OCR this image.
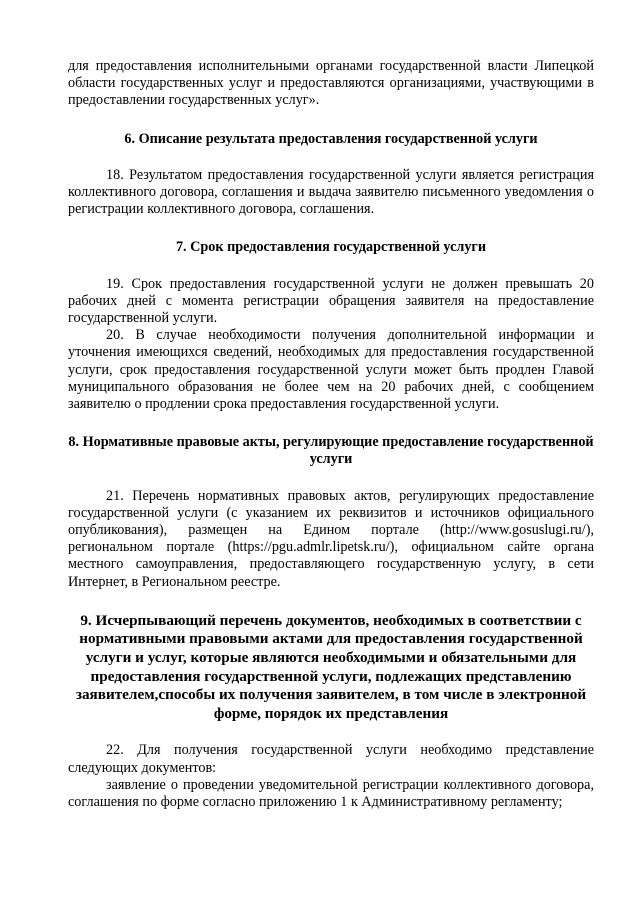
для предоставления исполнительными органами государственной власти Липецкой области государственных услуг и предоставляются организациями, участвующими в предоставлении государственных услуг».

6. Описание результата предоставления государственной услуги

18. Результатом предоставления государственной услуги является регистрация коллективного договора, соглашения и выдача заявителю письменного уведомления о регистрации коллективного договора, соглашения.

7. Срок предоставления государственной услуги

19. Срок предоставления государственной услуги не должен превышать 20 рабочих дней с момента регистрации обращения заявителя на предоставление государственной услуги.

20. В случае необходимости получения дополнительной информации и уточнения имеющихся сведений, необходимых для предоставления государственной услуги, срок предоставления государственной услуги может быть продлен Главой муниципального образования не более чем на 20 рабочих дней, с сообщением заявителю о продлении срока предоставления государственной услуги.

8. Нормативные правовые акты, регулирующие предоставление государственной услуги

21. Перечень нормативных правовых актов, регулирующих предоставление государственной услуги (с указанием их реквизитов и источников официального опубликования), размещен на Едином портале (http://www.gosuslugi.ru/), региональном портале (https://pgu.admlr.lipetsk.ru/), официальном сайте органа местного самоуправления, предоставляющего государственную услугу, в сети Интернет, в Региональном реестре.

9. Исчерпывающий перечень документов, необходимых в соответствии с нормативными правовыми актами для предоставления государственной услуги и услуг, которые являются необходимыми и обязательными для предоставления государственной услуги, подлежащих представлению заявителем,способы их получения заявителем, в том числе в электронной форме, порядок их представления

22. Для получения государственной услуги необходимо представление следующих документов:

заявление о проведении уведомительной регистрации коллективного договора, соглашения по форме согласно приложению 1 к Административному регламенту;
